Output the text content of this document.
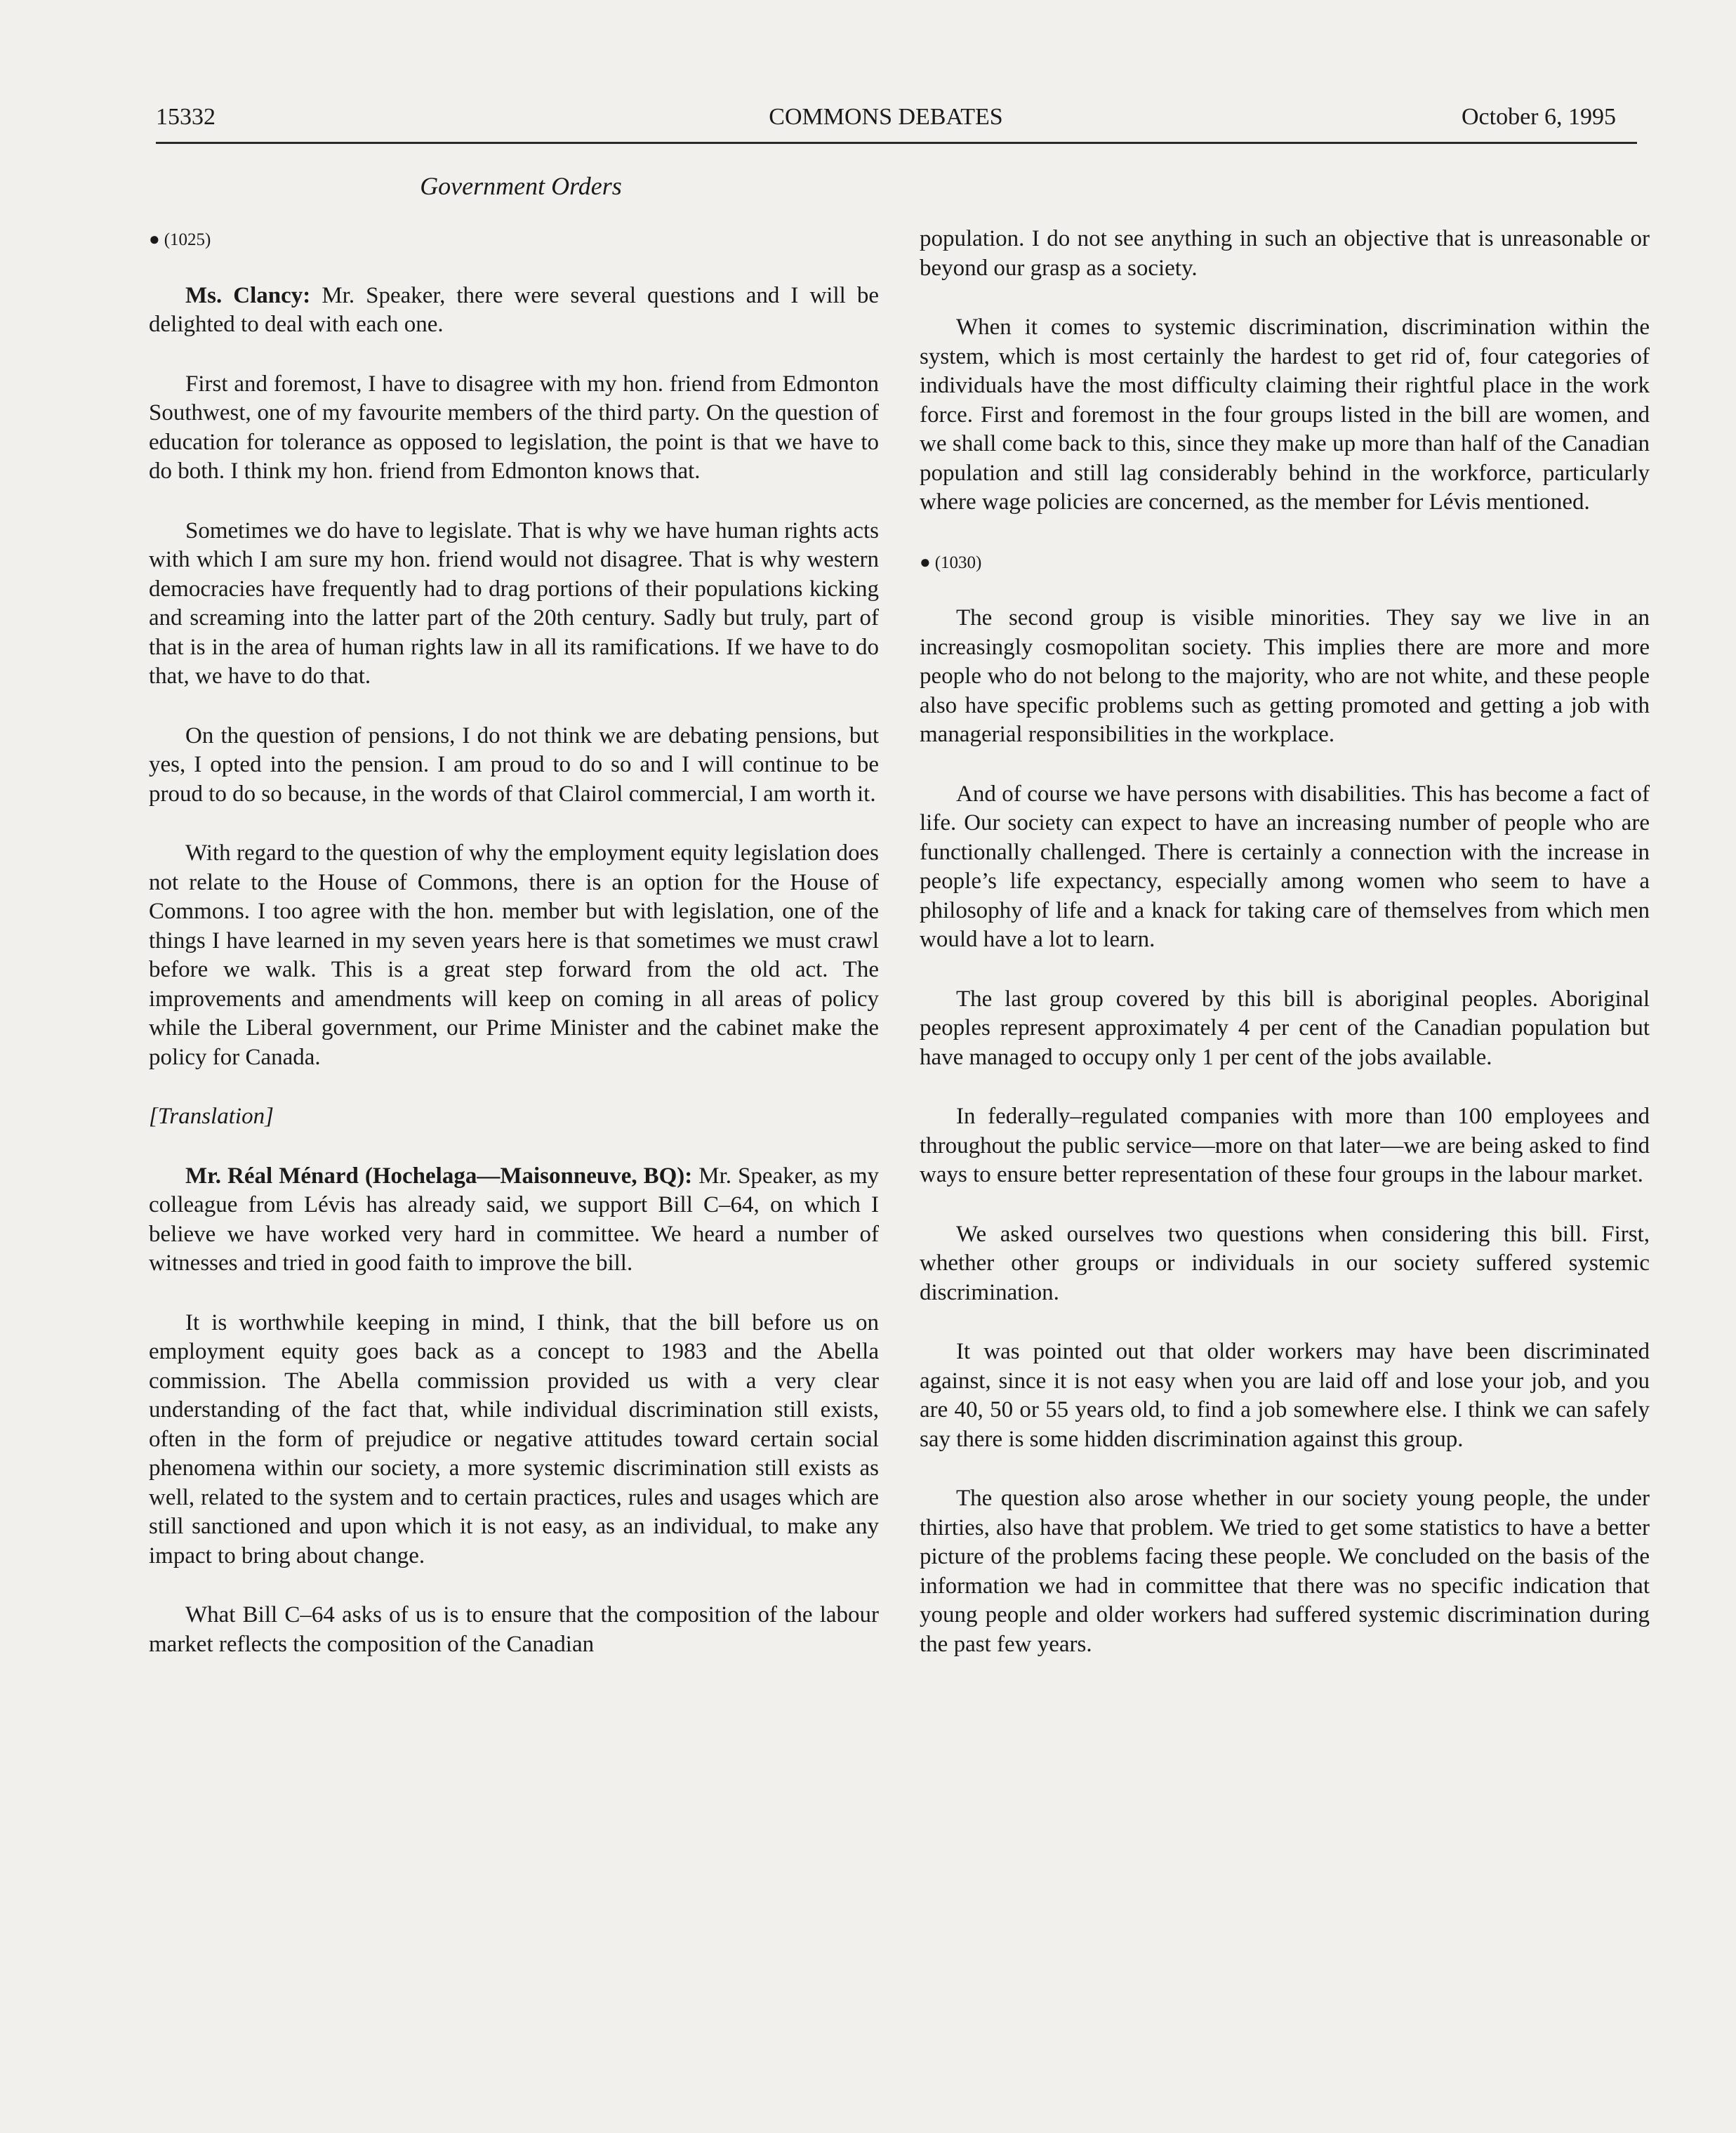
15332	COMMONS DEBATES	October 6, 1995
Government Orders

● (1025)

Ms. Clancy: Mr. Speaker, there were several questions and I will be delighted to deal with each one.

First and foremost, I have to disagree with my hon. friend from Edmonton Southwest, one of my favourite members of the third party. On the question of education for tolerance as opposed to legislation, the point is that we have to do both. I think my hon. friend from Edmonton knows that.

Sometimes we do have to legislate. That is why we have human rights acts with which I am sure my hon. friend would not disagree. That is why western democracies have frequently had to drag portions of their populations kicking and screaming into the latter part of the 20th century. Sadly but truly, part of that is in the area of human rights law in all its ramifications. If we have to do that, we have to do that.

On the question of pensions, I do not think we are debating pensions, but yes, I opted into the pension. I am proud to do so and I will continue to be proud to do so because, in the words of that Clairol commercial, I am worth it.

With regard to the question of why the employment equity legislation does not relate to the House of Commons, there is an option for the House of Commons. I too agree with the hon. member but with legislation, one of the things I have learned in my seven years here is that sometimes we must crawl before we walk. This is a great step forward from the old act. The improvements and amendments will keep on coming in all areas of policy while the Liberal government, our Prime Minister and the cabinet make the policy for Canada.

[Translation]

Mr. Réal Ménard (Hochelaga—Maisonneuve, BQ): Mr. Speaker, as my colleague from Lévis has already said, we support Bill C–64, on which I believe we have worked very hard in committee. We heard a number of witnesses and tried in good faith to improve the bill.

It is worthwhile keeping in mind, I think, that the bill before us on employment equity goes back as a concept to 1983 and the Abella commission. The Abella commission provided us with a very clear understanding of the fact that, while individual discrimination still exists, often in the form of prejudice or negative attitudes toward certain social phenomena within our society, a more systemic discrimination still exists as well, related to the system and to certain practices, rules and usages which are still sanctioned and upon which it is not easy, as an individual, to make any impact to bring about change.

What Bill C–64 asks of us is to ensure that the composition of the labour market reflects the composition of the Canadian

population. I do not see anything in such an objective that is unreasonable or beyond our grasp as a society.

When it comes to systemic discrimination, discrimination within the system, which is most certainly the hardest to get rid of, four categories of individuals have the most difficulty claiming their rightful place in the work force. First and foremost in the four groups listed in the bill are women, and we shall come back to this, since they make up more than half of the Canadian population and still lag considerably behind in the workforce, particularly where wage policies are concerned, as the member for Lévis mentioned.

● (1030)

The second group is visible minorities. They say we live in an increasingly cosmopolitan society. This implies there are more and more people who do not belong to the majority, who are not white, and these people also have specific problems such as getting promoted and getting a job with managerial responsibilities in the workplace.

And of course we have persons with disabilities. This has become a fact of life. Our society can expect to have an increasing number of people who are functionally challenged. There is certainly a connection with the increase in people’s life expectancy, especially among women who seem to have a philosophy of life and a knack for taking care of themselves from which men would have a lot to learn.

The last group covered by this bill is aboriginal peoples. Aboriginal peoples represent approximately 4 per cent of the Canadian population but have managed to occupy only 1 per cent of the jobs available.

In federally–regulated companies with more than 100 employees and throughout the public service—more on that later—we are being asked to find ways to ensure better representation of these four groups in the labour market.

We asked ourselves two questions when considering this bill. First, whether other groups or individuals in our society suffered systemic discrimination.

It was pointed out that older workers may have been discriminated against, since it is not easy when you are laid off and lose your job, and you are 40, 50 or 55 years old, to find a job somewhere else. I think we can safely say there is some hidden discrimination against this group.

The question also arose whether in our society young people, the under thirties, also have that problem. We tried to get some statistics to have a better picture of the problems facing these people. We concluded on the basis of the information we had in committee that there was no specific indication that young people and older workers had suffered systemic discrimination during the past few years.
